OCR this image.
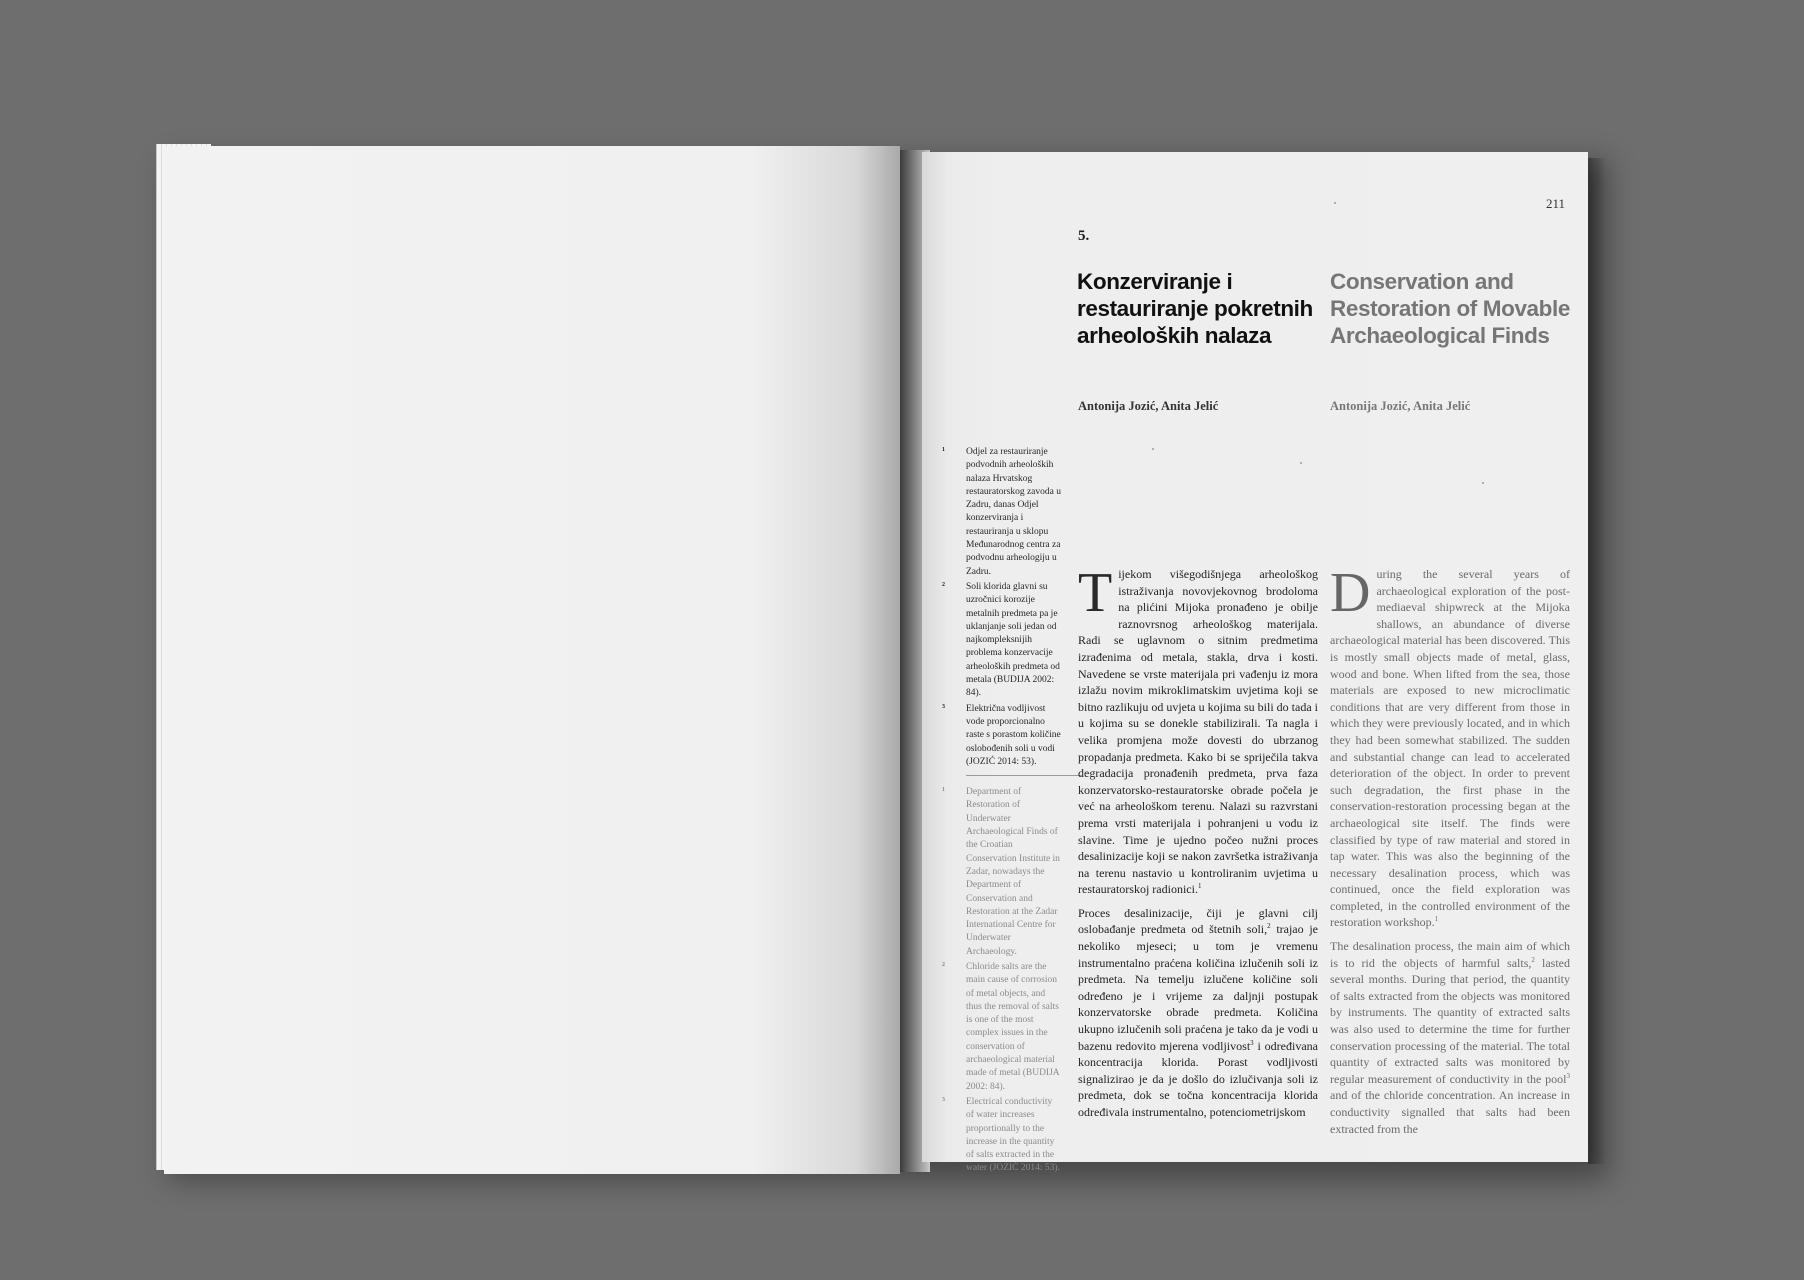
211
5.
Konzerviranje i
restauriranje pokretnih
arheoloških nalaza
Conservation and
Restoration of Movable
Archaeological Finds
Antonija Jozić, Anita Jelić	Antonija Jozić, Anita Jelić
1 Odjel za restauriranje podvodnih arheoloških nalaza Hrvatskog restauratorskog zavoda u Zadru, danas Odjel konzerviranja i restauriranja u sklopu Međunarodnog centra za podvodnu arheologiju u Zadru.
2 Soli klorida glavni su uzročnici korozije metalnih predmeta pa je uklanjanje soli jedan od najkompleksnijih problema konzervacije arheoloških predmeta od metala (BUDIJA 2002: 84).
3 Električna vodljivost vode proporcionalno raste s porastom količine oslobođenih soli u vodi (JOZIĆ 2014: 53).
1 Department of Restoration of Underwater Archaeological Finds of the Croatian Conservation Institute in Zadar, nowadays the Department of Conservation and Restoration at the Zadar International Centre for Underwater Archaeology.
2 Chloride salts are the main cause of corrosion of metal objects, and thus the removal of salts is one of the most complex issues in the conservation of archaeological material made of metal (BUDIJA 2002: 84).
3 Electrical conductivity of water increases proportionally to the increase in the quantity of salts extracted in the water (JOZIĆ 2014: 53).

Tijekom višegodišnjega arheološkog istraživanja novovjekovnog brodoloma na plićini Mijoka pronađeno je obilje raznovrsnog arheološkog materijala. Radi se uglavnom o sitnim predmetima izrađenima od metala, stakla, drva i kosti. Navedene se vrste materijala pri vađenju iz mora izlažu novim mikroklimatskim uvjetima koji se bitno razlikuju od uvjeta u kojima su bili do tada i u kojima su se donekle stabilizirali. Ta nagla i velika promjena može dovesti do ubrzanog propadanja predmeta. Kako bi se spriječila takva degradacija pronađenih predmeta, prva faza konzervatorsko-restauratorske obrade počela je već na arheološkom terenu. Nalazi su razvrstani prema vrsti materijala i pohranjeni u vodu iz slavine. Time je ujedno počeo nužni proces desalinizacije koji se nakon završetka istraživanja na terenu nastavio u kontroliranim uvjetima u restauratorskoj radionici.$^1$

Proces desalinizacije, čiji je glavni cilj oslobađanje predmeta od štetnih soli,$^2$ trajao je nekoliko mjeseci; u tom je vremenu instrumentalno praćena količina izlučenih soli iz predmeta. Na temelju izlučene količine soli određeno je i vrijeme za daljnji postupak konzervatorske obrade predmeta. Količina ukupno izlučenih soli praćena je tako da je vodi u bazenu redovito mjerena vodljivost$^3$ i određivana koncentracija klorida. Porast vodljivosti signalizirao je da je došlo do izlučivanja soli iz predmeta, dok se točna koncentracija klorida određivala instrumentalno, potenciometrijskom

During the several years of archaeological exploration of the post-mediaeval shipwreck at the Mijoka shallows, an abundance of diverse archaeological material has been discovered. This is mostly small objects made of metal, glass, wood and bone. When lifted from the sea, those materials are exposed to new microclimatic conditions that are very different from those in which they were previously located, and in which they had been somewhat stabilized. The sudden and substantial change can lead to accelerated deterioration of the object. In order to prevent such degradation, the first phase in the conservation-restoration processing began at the archaeological site itself. The finds were classified by type of raw material and stored in tap water. This was also the beginning of the necessary desalination process, which was continued, once the field exploration was completed, in the controlled environment of the restoration workshop.$^1$

The desalination process, the main aim of which is to rid the objects of harmful salts,$^2$ lasted several months. During that period, the quantity of salts extracted from the objects was monitored by instruments. The quantity of extracted salts was also used to determine the time for further conservation processing of the material. The total quantity of extracted salts was monitored by regular measurement of conductivity in the pool$^3$ and of the chloride concentration. An increase in conductivity signalled that salts had been extracted from the
